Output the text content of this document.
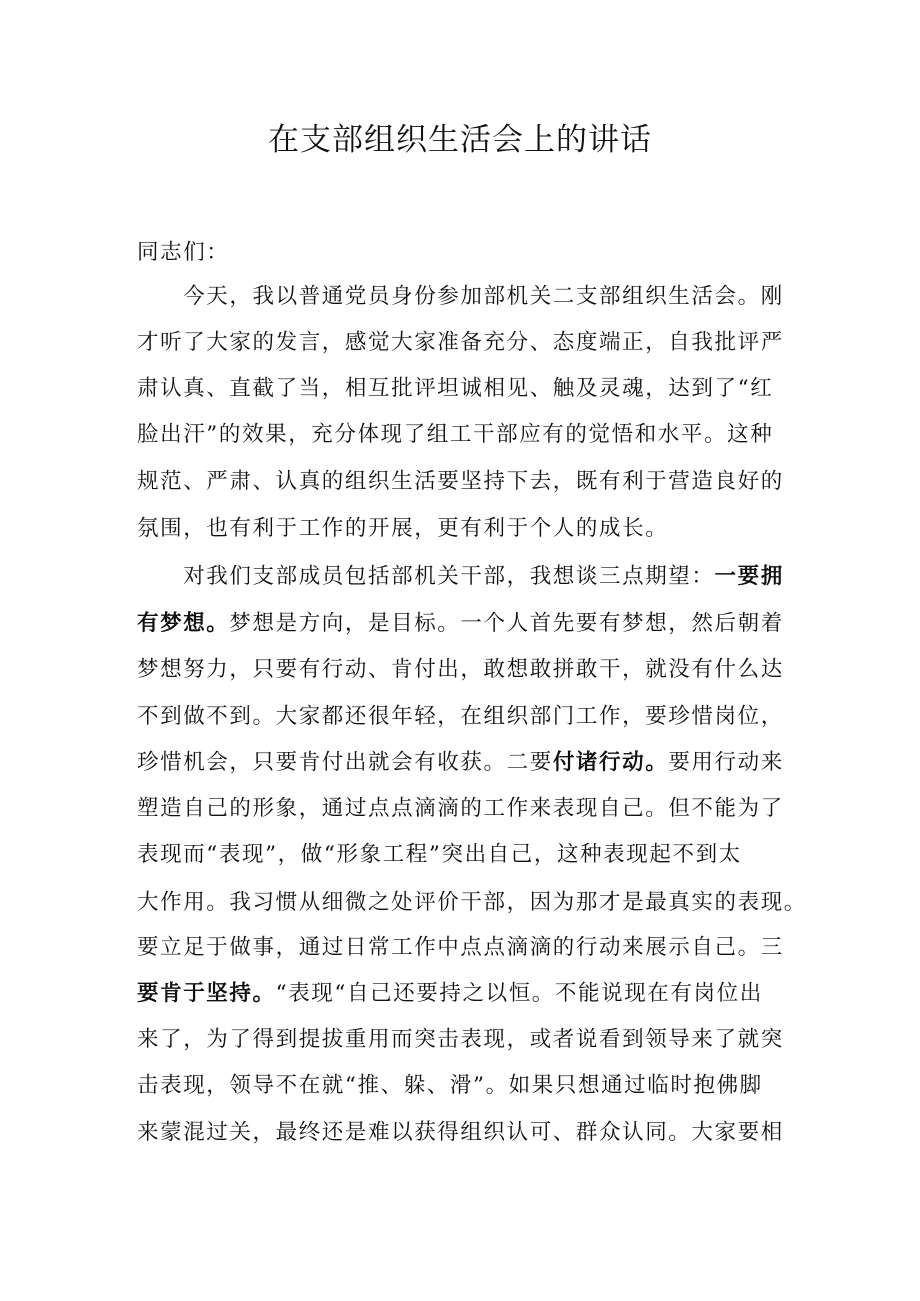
在支部组织生活会上的讲话
同志们：
　　今天，我以普通党员身份参加部机关二支部组织生活会。刚
才听了大家的发言，感觉大家准备充分、态度端正，自我批评严
肃认真、直截了当，相互批评坦诚相见、触及灵魂，达到了“红
脸出汗”的效果，充分体现了组工干部应有的觉悟和水平。这种
规范、严肃、认真的组织生活要坚持下去，既有利于营造良好的
氛围，也有利于工作的开展，更有利于个人的成长。
　　对我们支部成员包括部机关干部，我想谈三点期望：一要拥
有梦想。梦想是方向，是目标。一个人首先要有梦想，然后朝着
梦想努力，只要有行动、肯付出，敢想敢拼敢干，就没有什么达
不到做不到。大家都还很年轻，在组织部门工作，要珍惜岗位，
珍惜机会，只要肯付出就会有收获。二要付诸行动。要用行动来
塑造自己的形象，通过点点滴滴的工作来表现自己。但不能为了
表现而“表现”，做“形象工程”突出自己，这种表现起不到太
大作用。我习惯从细微之处评价干部，因为那才是最真实的表现。
要立足于做事，通过日常工作中点点滴滴的行动来展示自己。三
要肯于坚持。“表现“自己还要持之以恒。不能说现在有岗位出
来了，为了得到提拔重用而突击表现，或者说看到领导来了就突
击表现，领导不在就“推、躲、滑”。如果只想通过临时抱佛脚
来蒙混过关，最终还是难以获得组织认可、群众认同。大家要相
